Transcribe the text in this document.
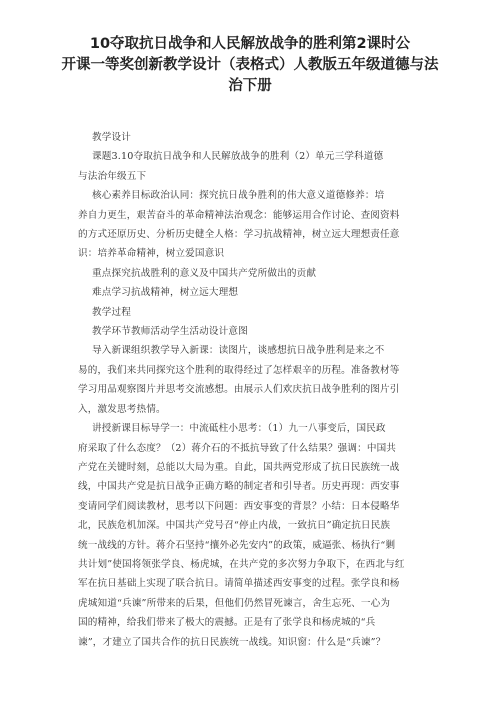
10夺取抗日战争和人民解放战争的胜利第2课时公
开课一等奖创新教学设计（表格式）人教版五年级道德与法
治下册
教学设计
课题3.10夺取抗日战争和人民解放战争的胜利（2）单元三学科道德
与法治年级五下
核心素养目标政治认同：探究抗日战争胜利的伟大意义道德修养：培
养自力更生，艰苦奋斗的革命精神法治观念：能够运用合作讨论、查阅资料
的方式还原历史、分析历史健全人格：学习抗战精神，树立远大理想责任意
识：培养革命精神，树立爱国意识
重点探究抗战胜利的意义及中国共产党所做出的贡献
难点学习抗战精神，树立远大理想
教学过程
教学环节教师活动学生活动设计意图
导入新课组织教学导入新课：读图片，谈感想抗日战争胜利是来之不
易的，我们来共同探究这个胜利的取得经过了怎样艰辛的历程。准备教材等
学习用品观察图片并思考交流感想。由展示人们欢庆抗日战争胜利的图片引
入，激发思考热情。
讲授新课目标导学一：中流砥柱小思考：（1）九一八事变后，国民政
府采取了什么态度？（2）蒋介石的不抵抗导致了什么结果？强调：中国共
产党在关键时刻，总能以大局为重。自此，国共两党形成了抗日民族统一战
线，中国共产党是抗日战争正确方略的制定者和引导者。历史再现：西安事
变请同学们阅读教材，思考以下问题：西安事变的背景？小结：日本侵略华
北，民族危机加深。中国共产党号召“停止内战，一致抗日”确定抗日民族
统一战线的方针。蒋介石坚持“攘外必先安内”的政策，威逼张、杨执行“剿
共计划”使国将领张学良、杨虎城，在共产党的多次努力争取下，在西北与红
军在抗日基础上实现了联合抗日。请简单描述西安事变的过程。张学良和杨
虎城知道“兵谏”所带来的后果，但他们仍然冒死谏言，舍生忘死、一心为
国的精神，给我们带来了极大的震撼。正是有了张学良和杨虎城的“兵
谏”，才建立了国共合作的抗日民族统一战线。知识窗：什么是“兵谏”？
